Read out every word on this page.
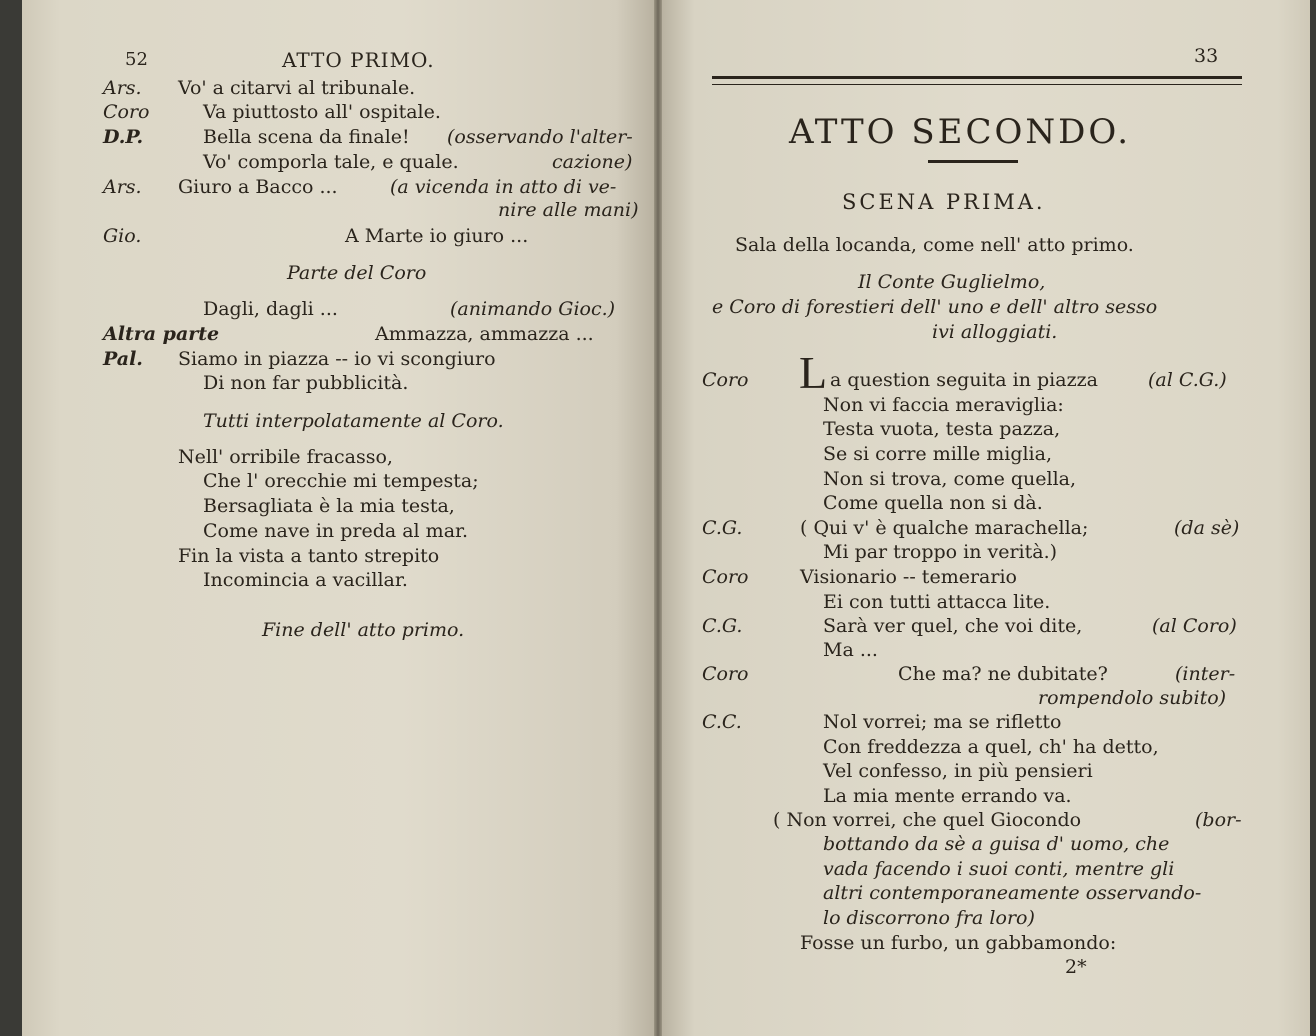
52	ATTO PRIMO.
Ars. Vo' a citarvi al tribunale.
Coro	Va piuttosto all' ospitale.
D.P.	Bella scena da finale! (osservando l'alter-
Vo' comporla tale, e quale.	cazione)
Ars. Giuro a Bacco ...	(a vicenda in atto di ve-
nire alle mani)
Gio.	A Marte io giuro ...
Parte del Coro
Dagli, dagli ...	(animando Gioc.)
Altra parte	Ammazza, ammazza ...
Pal. Siamo in piazza -- io vi scongiuro
Di non far pubblicità.
Tutti interpolatamente al Coro.
Nell' orribile fracasso,
Che l' orecchie mi tempesta;
Bersagliata è la mia testa,
Come nave in preda al mar.
Fin la vista a tanto strepito
Incomincia a vacillar.
Fine dell' atto primo.
33
ATTO SECONDO.
SCENA PRIMA.
Sala della locanda, come nell' atto primo.
Il Conte Guglielmo,
e Coro di forestieri dell' uno e dell' altro sesso
ivi alloggiati.
L
Coro	a question seguita in piazza	(al C.G.)
Non vi faccia meraviglia:
Testa vuota, testa pazza,
Se si corre mille miglia,
Non si trova, come quella,
Come quella non si dà.
C.G.	( Qui v' è qualche marachella;	(da sè)
Mi par troppo in verità.)
Coro	Visionario -- temerario
Ei con tutti attacca lite.
C.G.	Sarà ver quel, che voi dite,	(al Coro)
Ma ...
Coro	Che ma? ne dubitate?	(inter-
rompendolo subito)
C.C.	Nol vorrei; ma se rifletto
Con freddezza a quel, ch' ha detto,
Vel confesso, in più pensieri
La mia mente errando va.
( Non vorrei, che quel Giocondo	(bor-
bottando da sè a guisa d' uomo, che
vada facendo i suoi conti, mentre gli
altri contemporaneamente osservando-
lo discorrono fra loro)
Fosse un furbo, un gabbamondo:
2*
